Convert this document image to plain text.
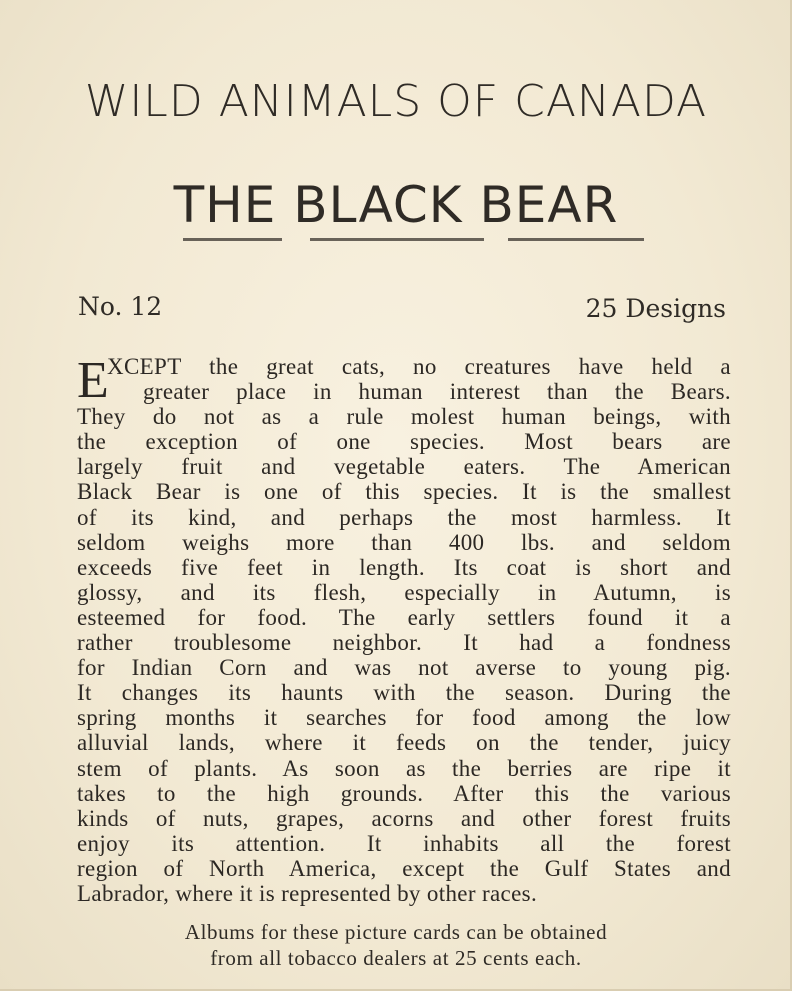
WILD ANIMALS OF CANADA
THE BLACK BEAR
No. 12	25 Designs
E
XCEPT the great cats, no creatures have held a
greater place in human interest than the Bears.
They do not as a rule molest human beings, with
the exception of one species. Most bears are
largely fruit and vegetable eaters. The American
Black Bear is one of this species. It is the smallest
of its kind, and perhaps the most harmless. It
seldom weighs more than 400 lbs. and seldom
exceeds five feet in length. Its coat is short and
glossy, and its flesh, especially in Autumn, is
esteemed for food. The early settlers found it a
rather troublesome neighbor. It had a fondness
for Indian Corn and was not averse to young pig.
It changes its haunts with the season. During the
spring months it searches for food among the low
alluvial lands, where it feeds on the tender, juicy
stem of plants. As soon as the berries are ripe it
takes to the high grounds. After this the various
kinds of nuts, grapes, acorns and other forest fruits
enjoy its attention. It inhabits all the forest
region of North America, except the Gulf States and
Labrador, where it is represented by other races.
Albums for these picture cards can be obtained
from all tobacco dealers at 25 cents each.
